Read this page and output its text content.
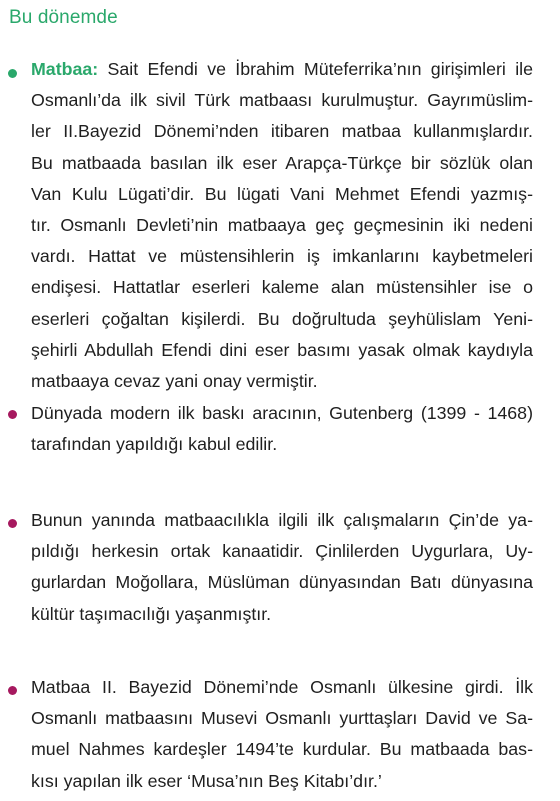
Bu dönemde
Matbaa: Sait Efendi ve İbrahim Müteferrika’nın girişimleri ile
Osmanlı’da ilk sivil Türk matbaası kurulmuştur. Gayrımüslim-
ler II.Bayezid Dönemi’nden itibaren matbaa kullanmışlardır.
Bu matbaada basılan ilk eser Arapça-Türkçe bir sözlük olan
Van Kulu Lügati’dir. Bu lügati Vani Mehmet Efendi yazmış-
tır. Osmanlı Devleti’nin matbaaya geç geçmesinin iki nedeni
vardı. Hattat ve müstensihlerin iş imkanlarını kaybetmeleri
endişesi. Hattatlar eserleri kaleme alan müstensihler ise o
eserleri çoğaltan kişilerdi. Bu doğrultuda şeyhülislam Yeni-
şehirli Abdullah Efendi dini eser basımı yasak olmak kaydıyla
matbaaya cevaz yani onay vermiştir.
Dünyada modern ilk baskı aracının, Gutenberg (1399 - 1468)
tarafından yapıldığı kabul edilir.
Bunun yanında matbaacılıkla ilgili ilk çalışmaların Çin’de ya-
pıldığı herkesin ortak kanaatidir. Çinlilerden Uygurlara, Uy-
gurlardan Moğollara, Müslüman dünyasından Batı dünyasına
kültür taşımacılığı yaşanmıştır.
Matbaa II. Bayezid Dönemi’nde Osmanlı ülkesine girdi. İlk
Osmanlı matbaasını Musevi Osmanlı yurttaşları David ve Sa-
muel Nahmes kardeşler 1494’te kurdular. Bu matbaada bas-
kısı yapılan ilk eser ‘Musa’nın Beş Kitabı’dır.’
